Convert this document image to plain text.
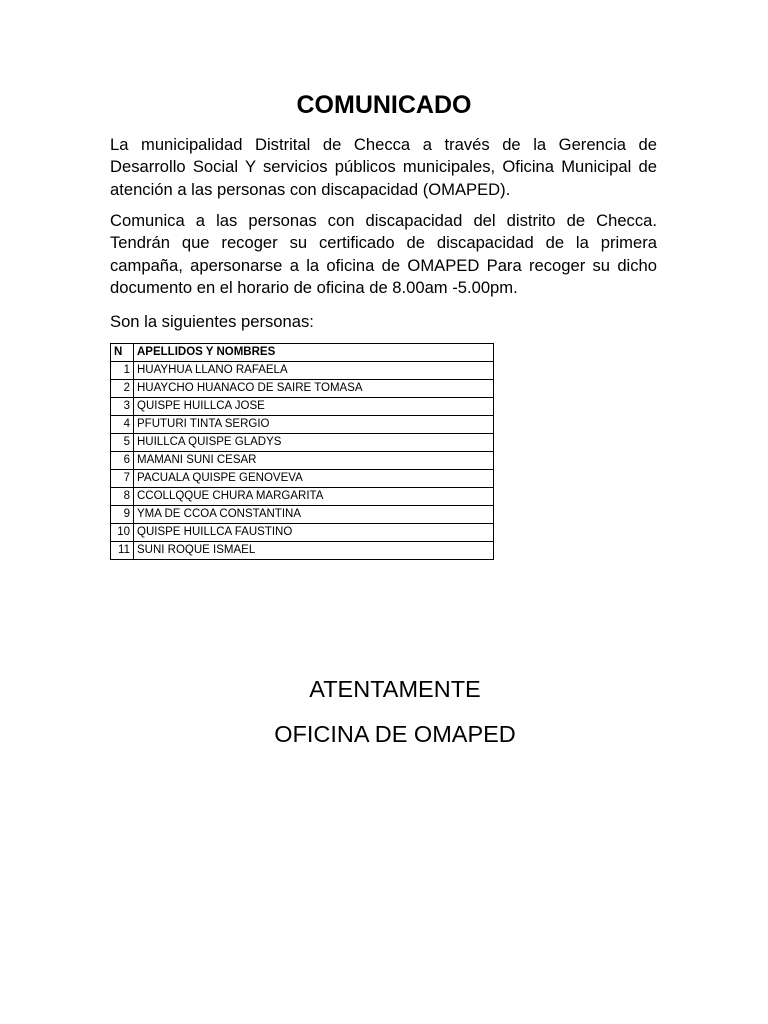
COMUNICADO

La municipalidad Distrital de Checca a través de la Gerencia de Desarrollo Social Y servicios públicos municipales, Oficina Municipal de atención a las personas con discapacidad (OMAPED).

Comunica a las personas con discapacidad del distrito de Checca. Tendrán que recoger su certificado de discapacidad de la primera campaña, apersonarse a la oficina de OMAPED Para recoger su dicho documento en el horario de oficina de 8.00am -5.00pm.

Son la siguientes personas:

N	APELLIDOS Y NOMBRES
1	HUAYHUA LLANO RAFAELA
2	HUAYCHO HUANACO DE SAIRE TOMASA
3	QUISPE HUILLCA JOSE
4	PFUTURI TINTA SERGIO
5	HUILLCA QUISPE GLADYS
6	MAMANI SUNI CESAR
7	PACUALA QUISPE GENOVEVA
8	CCOLLQQUE CHURA MARGARITA
9	YMA DE CCOA CONSTANTINA
10	QUISPE HUILLCA FAUSTINO
11	SUNI ROQUE ISMAEL
ATENTAMENTE
OFICINA DE OMAPED
